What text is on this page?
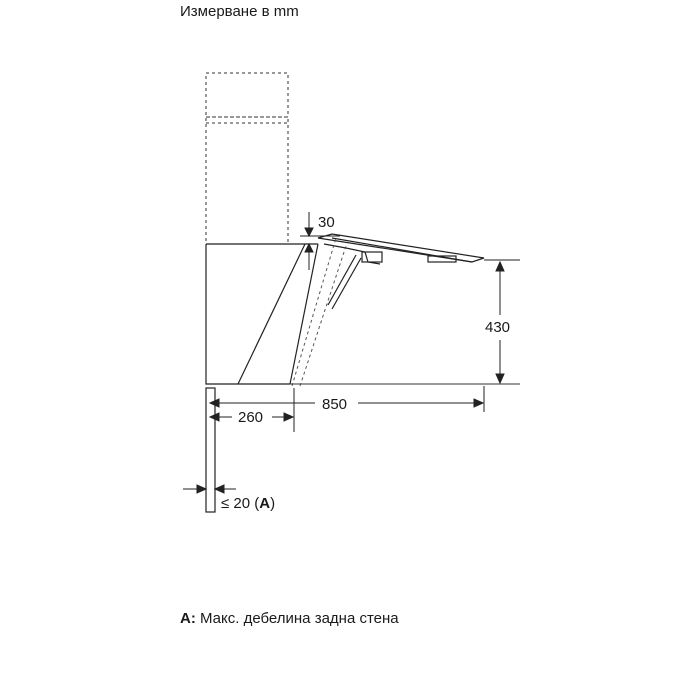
Измерване в mm
30
430
850
260
≤ 20 (A)
A: Макс. дебелина задна стена
